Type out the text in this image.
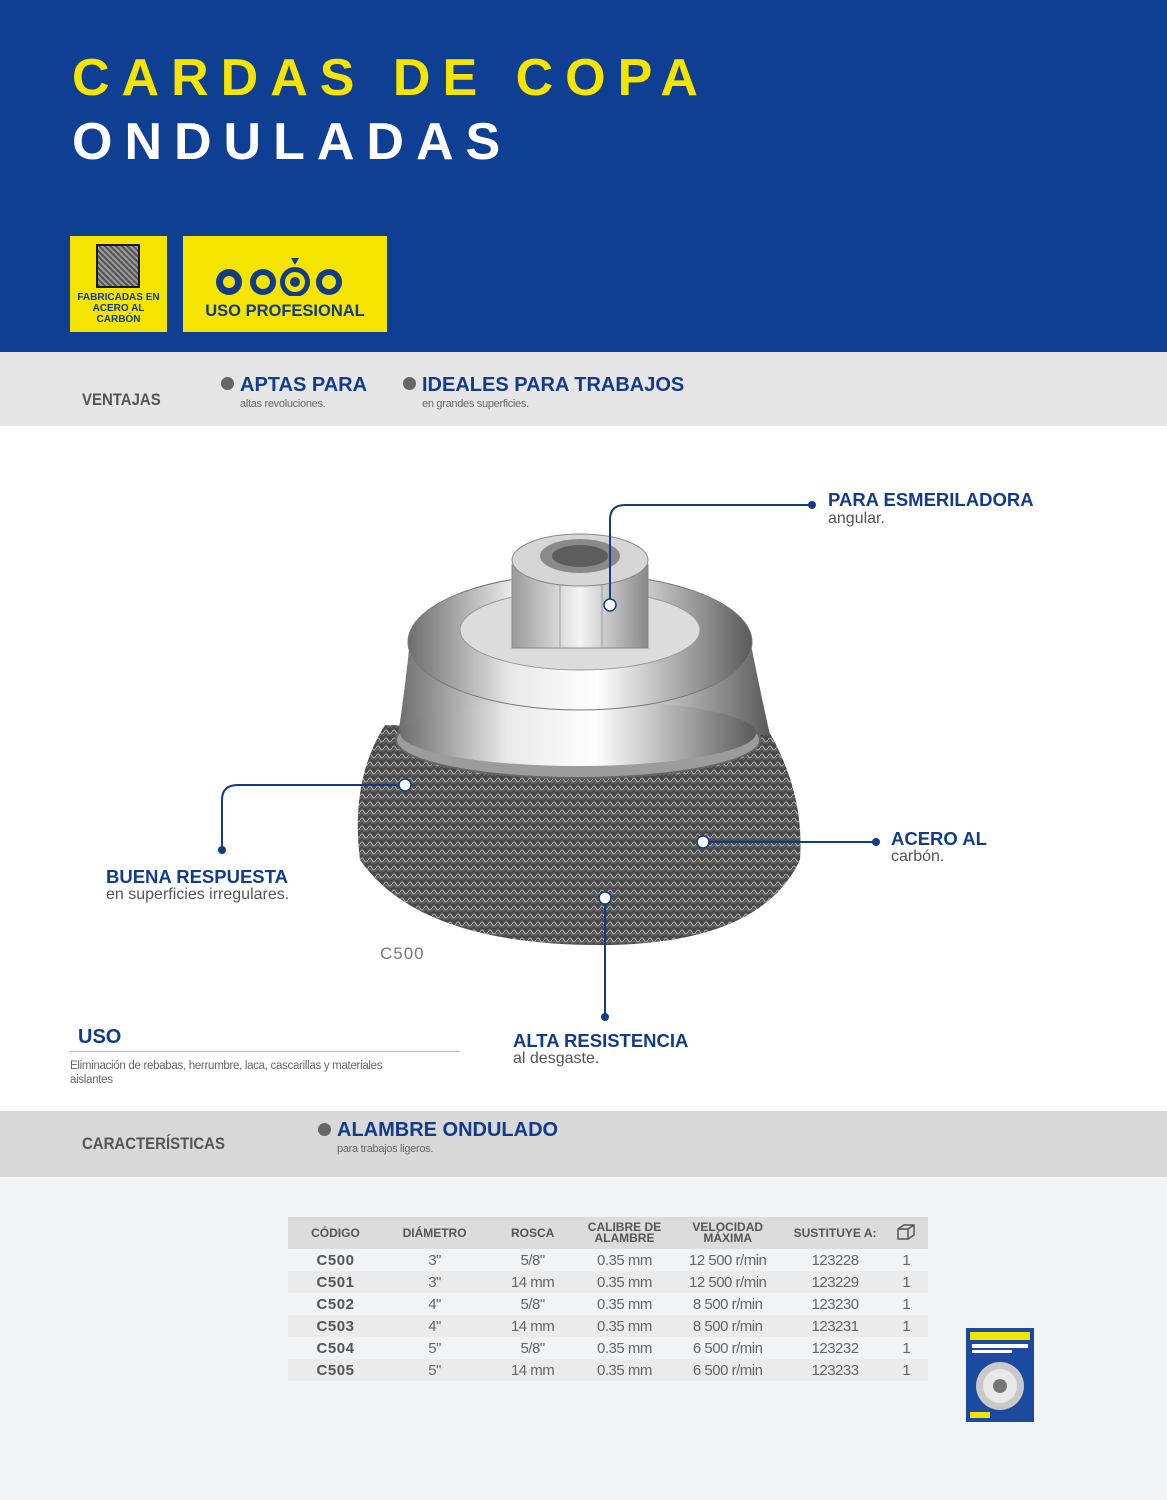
CARDAS DE COPA
ONDULADAS
FABRICADAS EN ACERO AL CARBÓN	USO PROFESIONAL
VENTAJAS
APTAS PARA
altas revoluciones.
IDEALES PARA TRABAJOS
en grandes superficies.
PARA ESMERILADORA
angular.
ACERO AL
carbón.
BUENA RESPUESTA
en superficies irregulares.
ALTA RESISTENCIA
al desgaste.
C500
USO
Eliminación de rebabas, herrumbre, laca, cascarillas y materiales aislantes
CARACTERÍSTICAS
ALAMBRE ONDULADO
para trabajos ligeros.
CÓDIGO	DIÁMETRO	ROSCA	CALIBRE DE ALAMBRE	VELOCIDAD MÁXIMA	SUSTITUYE A:	
C500	3"	5/8"	0.35 mm	12 500 r/min	123228	1
C501	3"	14 mm	0.35 mm	12 500 r/min	123229	1
C502	4"	5/8"	0.35 mm	8 500 r/min	123230	1
C503	4"	14 mm	0.35 mm	8 500 r/min	123231	1
C504	5"	5/8"	0.35 mm	6 500 r/min	123232	1
C505	5"	14 mm	0.35 mm	6 500 r/min	123233	1
